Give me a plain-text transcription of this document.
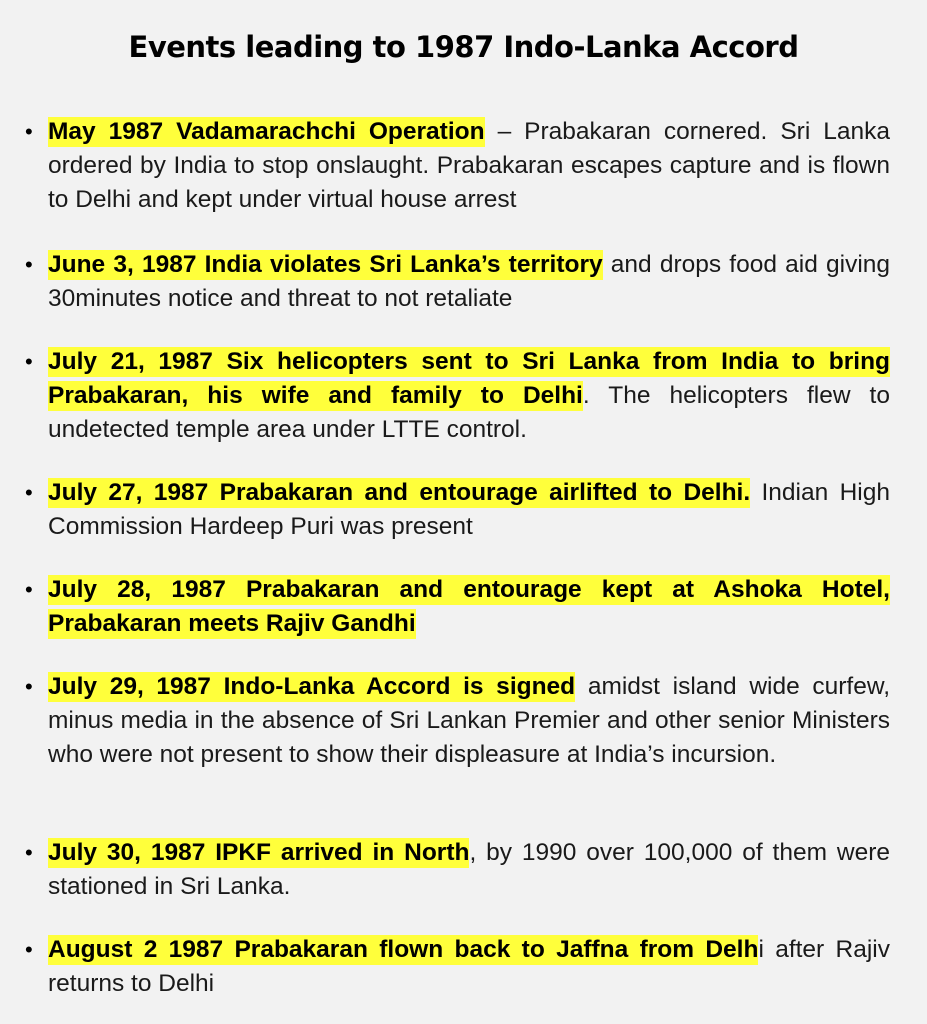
Events leading to 1987 Indo-Lanka Accord
• May 1987 Vadamarachchi Operation – Prabakaran cornered. Sri Lanka ordered by India to stop onslaught. Prabakaran escapes capture and is flown to Delhi and kept under virtual house arrest
• June 3, 1987 India violates Sri Lanka’s territory and drops food aid giving 30minutes notice and threat to not retaliate
• July 21, 1987 Six helicopters sent to Sri Lanka from India to bring Prabakaran, his wife and family to Delhi. The helicopters flew to undetected temple area under LTTE control.
• July 27, 1987 Prabakaran and entourage airlifted to Delhi. Indian High Commission Hardeep Puri was present
• July 28, 1987 Prabakaran and entourage kept at Ashoka Hotel, Prabakaran meets Rajiv Gandhi
• July 29, 1987 Indo-Lanka Accord is signed amidst island wide curfew, minus media in the absence of Sri Lankan Premier and other senior Ministers who were not present to show their displeasure at India’s incursion.
• July 30, 1987 IPKF arrived in North, by 1990 over 100,000 of them were stationed in Sri Lanka.
• August 2 1987 Prabakaran flown back to Jaffna from Delhi after Rajiv returns to Delhi
